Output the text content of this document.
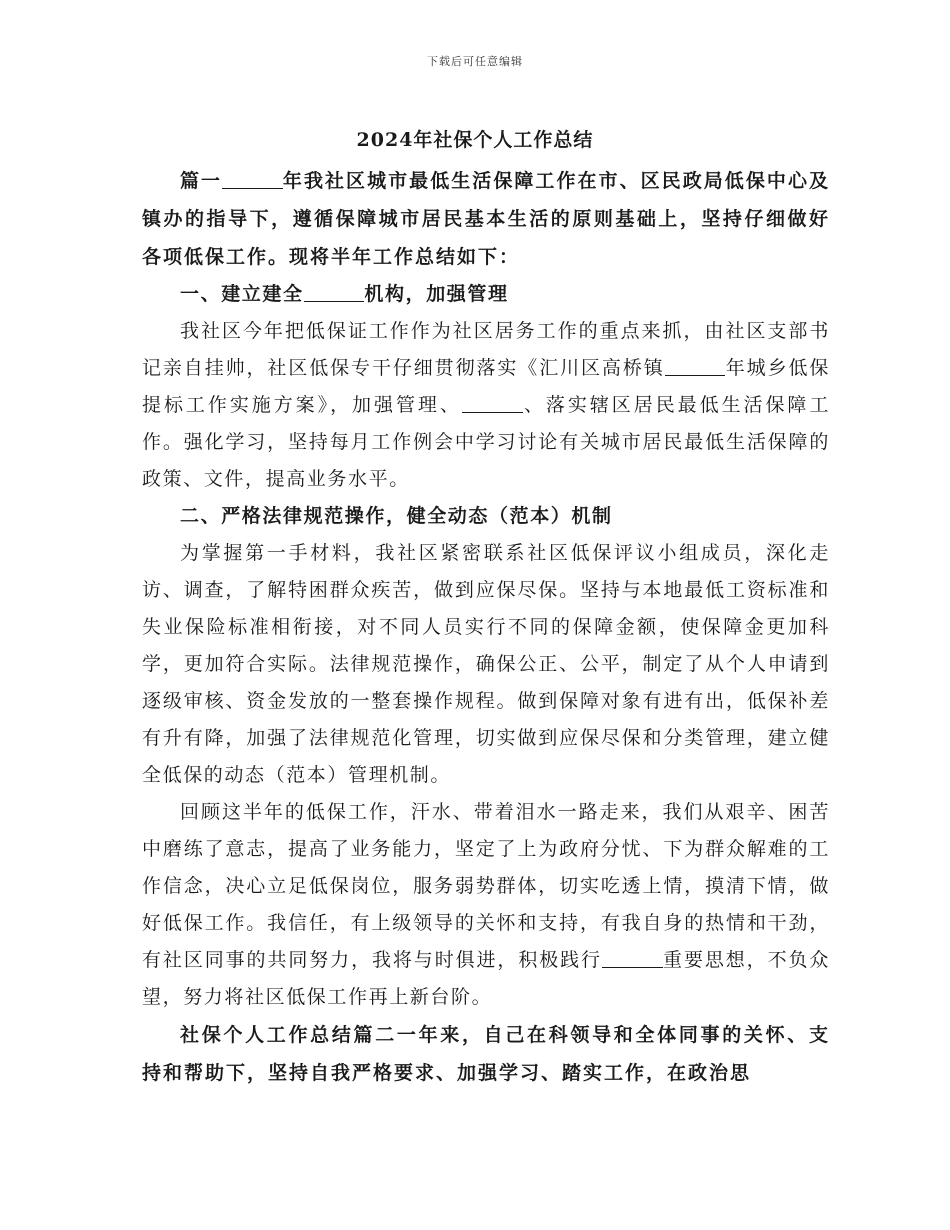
下载后可任意编辑
2024年社保个人工作总结

篇一	年我社区城市最低生活保障工作在市、区民政局低保中心及镇办的指导下，遵循保障城市居民基本生活的原则基础上，坚持仔细做好各项低保工作。现将半年工作总结如下：

一、建立建全	机构，加强管理

我社区今年把低保证工作作为社区居务工作的重点来抓，由社区支部书记亲自挂帅，社区低保专干仔细贯彻落实《汇川区高桥镇	年城乡低保提标工作实施方案》，加强管理、	、落实辖区居民最低生活保障工作。强化学习，坚持每月工作例会中学习讨论有关城市居民最低生活保障的政策、文件，提高业务水平。

二、严格法律规范操作，健全动态（范本）机制

为掌握第一手材料，我社区紧密联系社区低保评议小组成员，深化走访、调查，了解特困群众疾苦，做到应保尽保。坚持与本地最低工资标准和失业保险标准相衔接，对不同人员实行不同的保障金额，使保障金更加科学，更加符合实际。法律规范操作，确保公正、公平，制定了从个人申请到逐级审核、资金发放的一整套操作规程。做到保障对象有进有出，低保补差有升有降，加强了法律规范化管理，切实做到应保尽保和分类管理，建立健全低保的动态（范本）管理机制。

回顾这半年的低保工作，汗水、带着泪水一路走来，我们从艰辛、困苦中磨练了意志，提高了业务能力，坚定了上为政府分忧、下为群众解难的工作信念，决心立足低保岗位，服务弱势群体，切实吃透上情，摸清下情，做好低保工作。我信任，有上级领导的关怀和支持，有我自身的热情和干劲，有社区同事的共同努力，我将与时俱进，积极践行	重要思想，不负众望，努力将社区低保工作再上新台阶。

社保个人工作总结篇二一年来，自己在科领导和全体同事的关怀、支持和帮助下，坚持自我严格要求、加强学习、踏实工作，在政治思
